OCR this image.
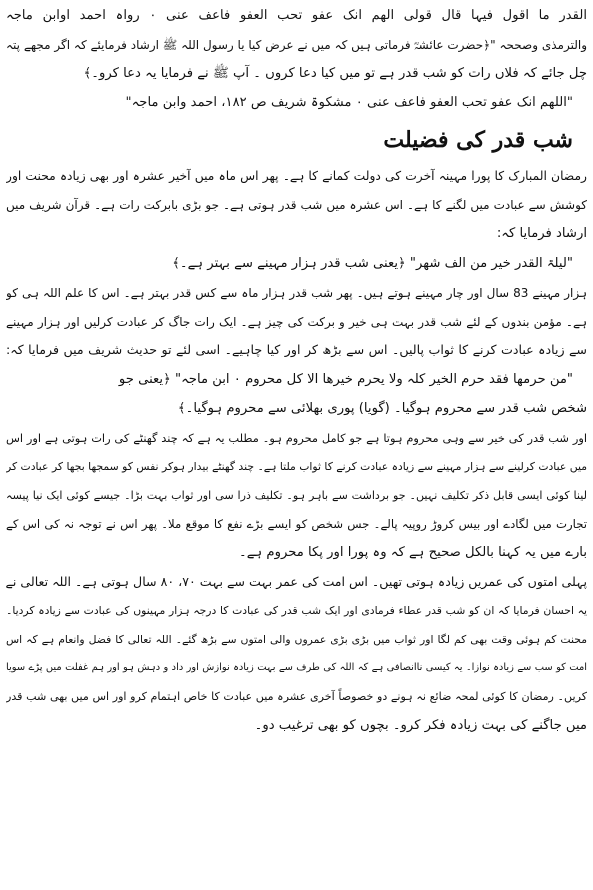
القدر ما اقول فیہا قال قولی الھم انک عفو تحب العفو فاعف عنی ۰ رواہ احمد اوابن ماجہ
والترمذی وصححہ "﴿حضرت عائشہؓ فرماتی ہیں کہ میں نے عرض کیا یا رسول اللہ ﷺ ارشاد فرمایئے کہ اگر مجھے پتہ
چل جائے کہ فلاں رات کو شب قدر ہے تو میں کیا دعا کروں ۔ آپ ﷺ نے فرمایا یہ دعا کرو۔﴾
"اللھم انک عفو تحب العفو فاعف عنی ۰ مشکوۃ شریف ص ۱۸۲، احمد وابن ماجہ"
شب قدر کی فضیلت
رمضان المبارک کا پورا مہینہ آخرت کی دولت کمانے کا ہے۔ پھر اس ماہ میں آخیر عشرہ اور بھی زیادہ محنت اور
کوشش سے عبادت میں لگنے کا ہے۔ اس عشرہ میں شب قدر ہوتی ہے۔ جو بڑی بابرکت رات ہے۔ قرآن شریف میں
ارشاد فرمایا کہ:
"لیلۃ القدر خیر من الف شھر" ﴿یعنی شب قدر ہزار مہینے سے بہتر ہے۔﴾
ہزار مہینے 83 سال اور چار مہینے ہوتے ہیں۔ پھر شب قدر ہزار ماہ سے کس قدر بہتر ہے۔ اس کا علم اللہ ہی کو
ہے۔ مؤمن بندوں کے لئے شب قدر بہت ہی خیر و برکت کی چیز ہے۔ ایک رات جاگ کر عبادت کرلیں اور ہزار مہینے
سے زیادہ عبادت کرنے کا ثواب پالیں۔ اس سے بڑھ کر اور کیا چاہیے۔ اسی لئے تو حدیث شریف میں فرمایا کہ:
"من حرمھا فقد حرم الخیر کلہ ولا یحرم خیرھا الا کل محروم ۰ ابن ماجہ" ﴿یعنی جو
شخص شب قدر سے محروم ہوگیا۔ (گویا) پوری بھلائی سے محروم ہوگیا۔﴾
اور شب قدر کی خیر سے وہی محروم ہوتا ہے جو کامل محروم ہو۔ مطلب یہ ہے کہ چند گھنٹے کی رات ہوتی ہے اور اس
میں عبادت کرلینے سے ہزار مہینے سے زیادہ عبادت کرنے کا ثواب ملتا ہے۔ چند گھنٹے بیدار ہوکر نفس کو سمجھا بجھا کر عبادت کر
لینا کوئی ایسی قابل ذکر تکلیف نہیں۔ جو برداشت سے باہر ہو۔ تکلیف ذرا سی اور ثواب بہت بڑا۔ جیسے کوئی ایک نیا پیسہ
تجارت میں لگادے اور بیس کروڑ روپیہ پالے۔ جس شخص کو ایسے بڑے نفع کا موقع ملا۔ پھر اس نے توجہ نہ کی اس کے
بارے میں یہ کہنا بالکل صحیح ہے کہ وہ پورا اور پکا محروم ہے۔
پہلی امتوں کی عمریں زیادہ ہوتی تھیں۔ اس امت کی عمر بہت سے بہت ۷۰، ۸۰ سال ہوتی ہے۔ اللہ تعالی نے
یہ احسان فرمایا کہ ان کو شب قدر عطاء فرمادی اور ایک شب قدر کی عبادت کا درجہ ہزار مہینوں کی عبادت سے زیادہ کردیا۔
محنت کم ہوئی وقت بھی کم لگا اور ثواب میں بڑی بڑی عمروں والی امتوں سے بڑھ گئے۔ اللہ تعالی کا فضل وانعام ہے کہ اس
امت کو سب سے زیادہ نوازا۔ یہ کیسی ناانصافی ہے کہ اللہ کی طرف سے بہت زیادہ نوازش اور داد و دہش ہو اور ہم غفلت میں پڑے سویا
کریں۔ رمضان کا کوئی لمحہ ضائع نہ ہونے دو خصوصاً آخری عشرہ میں عبادت کا خاص اہتمام کرو اور اس میں بھی شب قدر
میں جاگنے کی بہت زیادہ فکر کرو۔ بچوں کو بھی ترغیب دو۔
